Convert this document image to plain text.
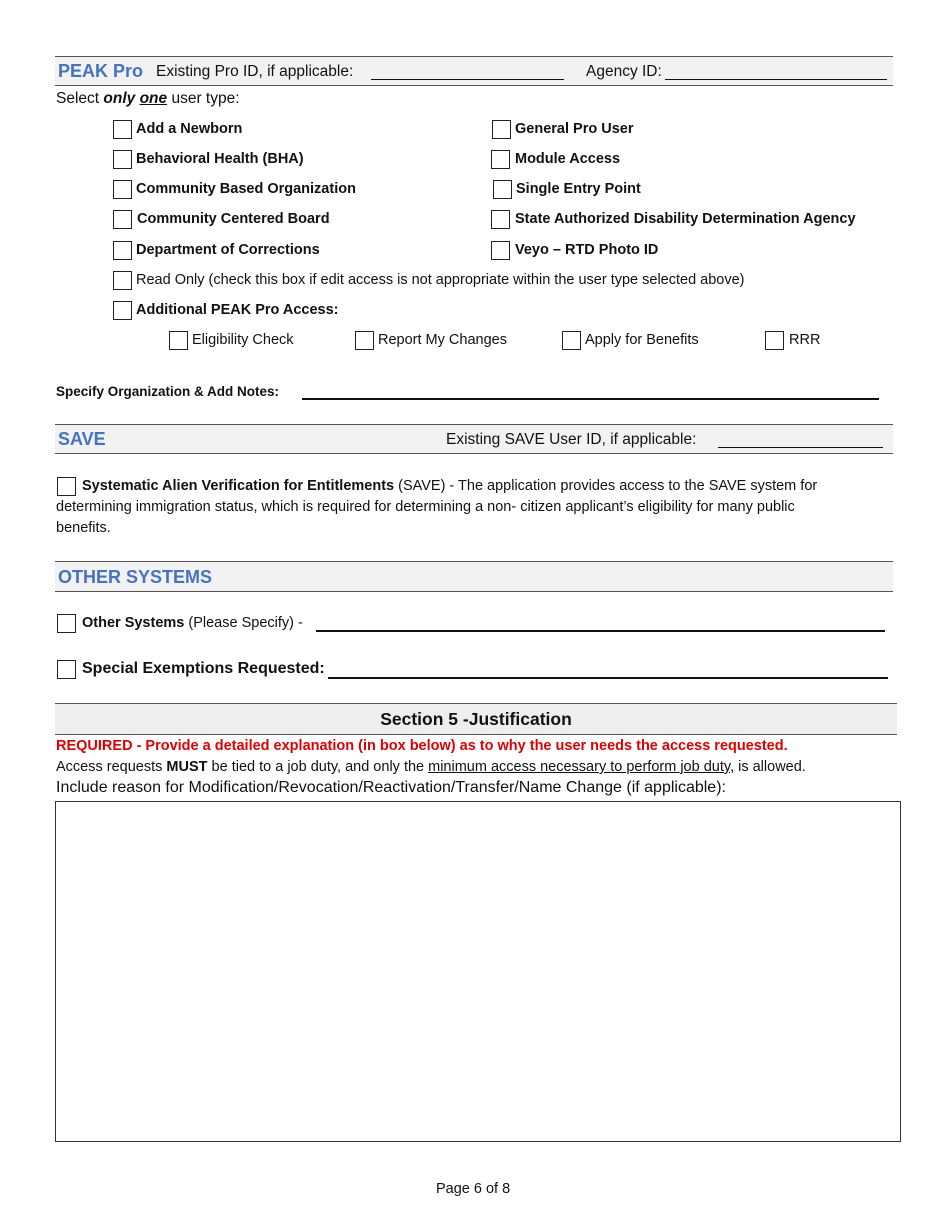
PEAK Pro Existing Pro ID, if applicable:	Agency ID:
Select only one user type:
Add a Newborn
Behavioral Health (BHA)
Community Based Organization
Community Centered Board
Department of Corrections
General Pro User
Module Access
Single Entry Point
State Authorized Disability Determination Agency
Veyo – RTD Photo ID
Read Only (check this box if edit access is not appropriate within the user type selected above)
Additional PEAK Pro Access:
Eligibility Check	Report My Changes	Apply for Benefits	RRR
Specify Organization & Add Notes:
SAVE	Existing SAVE User ID, if applicable:
Systematic Alien Verification for Entitlements (SAVE) - The application provides access to the SAVE system for
determining immigration status, which is required for determining a non- citizen applicant’s eligibility for many public
benefits.
OTHER SYSTEMS
Other Systems (Please Specify) -
Special Exemptions Requested:
Section 5 -Justification
REQUIRED - Provide a detailed explanation (in box below) as to why the user needs the access requested.
Access requests MUST be tied to a job duty, and only the minimum access necessary to perform job duty, is allowed.
Include reason for Modification/Revocation/Reactivation/Transfer/Name Change (if applicable):
Page 6 of 8
